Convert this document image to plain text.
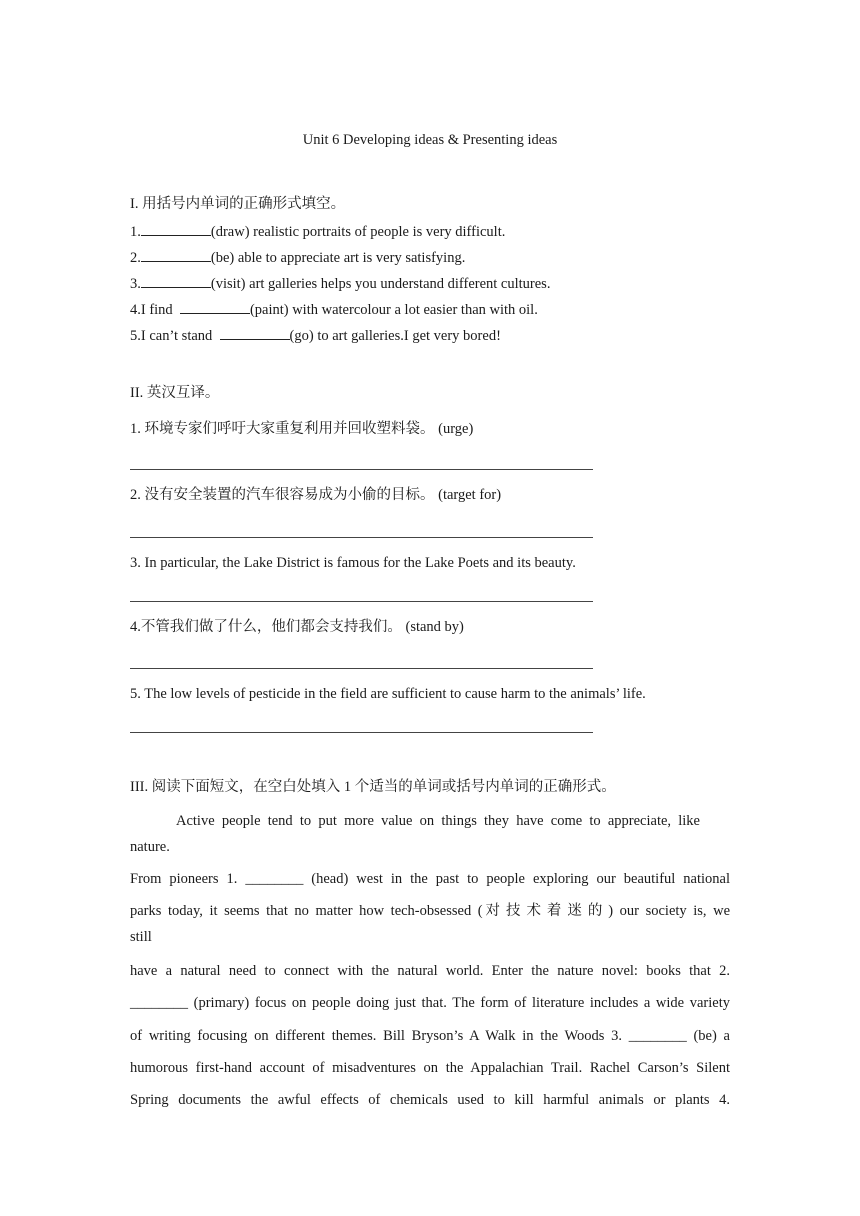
Unit 6 Developing ideas & Presenting ideas
I. 用括号内单词的正确形式填空。
1.	(draw) realistic portraits of people is very difficult.
2.	(be) able to appreciate art is very satisfying.
3.	(visit) art galleries helps you understand different cultures.
4.I find	(paint) with watercolour a lot easier than with oil.
5.I can’t stand	(go) to art galleries.I get very bored!
II. 英汉互译。
1. 环境专家们呼吁大家重复利用并回收塑料袋。 (urge)
2. 没有安全装置的汽车很容易成为小偷的目标。 (target for)
3. In particular, the Lake District is famous for the Lake Poets and its beauty.
4.不管我们做了什么，他们都会支持我们。 (stand by)
5. The low levels of pesticide in the field are sufficient to cause harm to the animals’ life.
III. 阅读下面短文，在空白处填入 1 个适当的单词或括号内单词的正确形式。
Active people tend to put more value on things they have come to appreciate, like
nature.
From pioneers 1. ________ (head) west in the past to people exploring our beautiful national
parks today, it seems that no matter how tech-obsessed (对技术着迷的) our society is, we
still
have a natural need to connect with the natural world. Enter the nature novel: books that 2.
________ (primary) focus on people doing just that. The form of literature includes a wide variety
of writing focusing on different themes. Bill Bryson’s A Walk in the Woods 3. ________ (be) a
humorous first-hand account of misadventures on the Appalachian Trail. Rachel Carson’s Silent
Spring documents the awful effects of chemicals used to kill harmful animals or plants 4.
